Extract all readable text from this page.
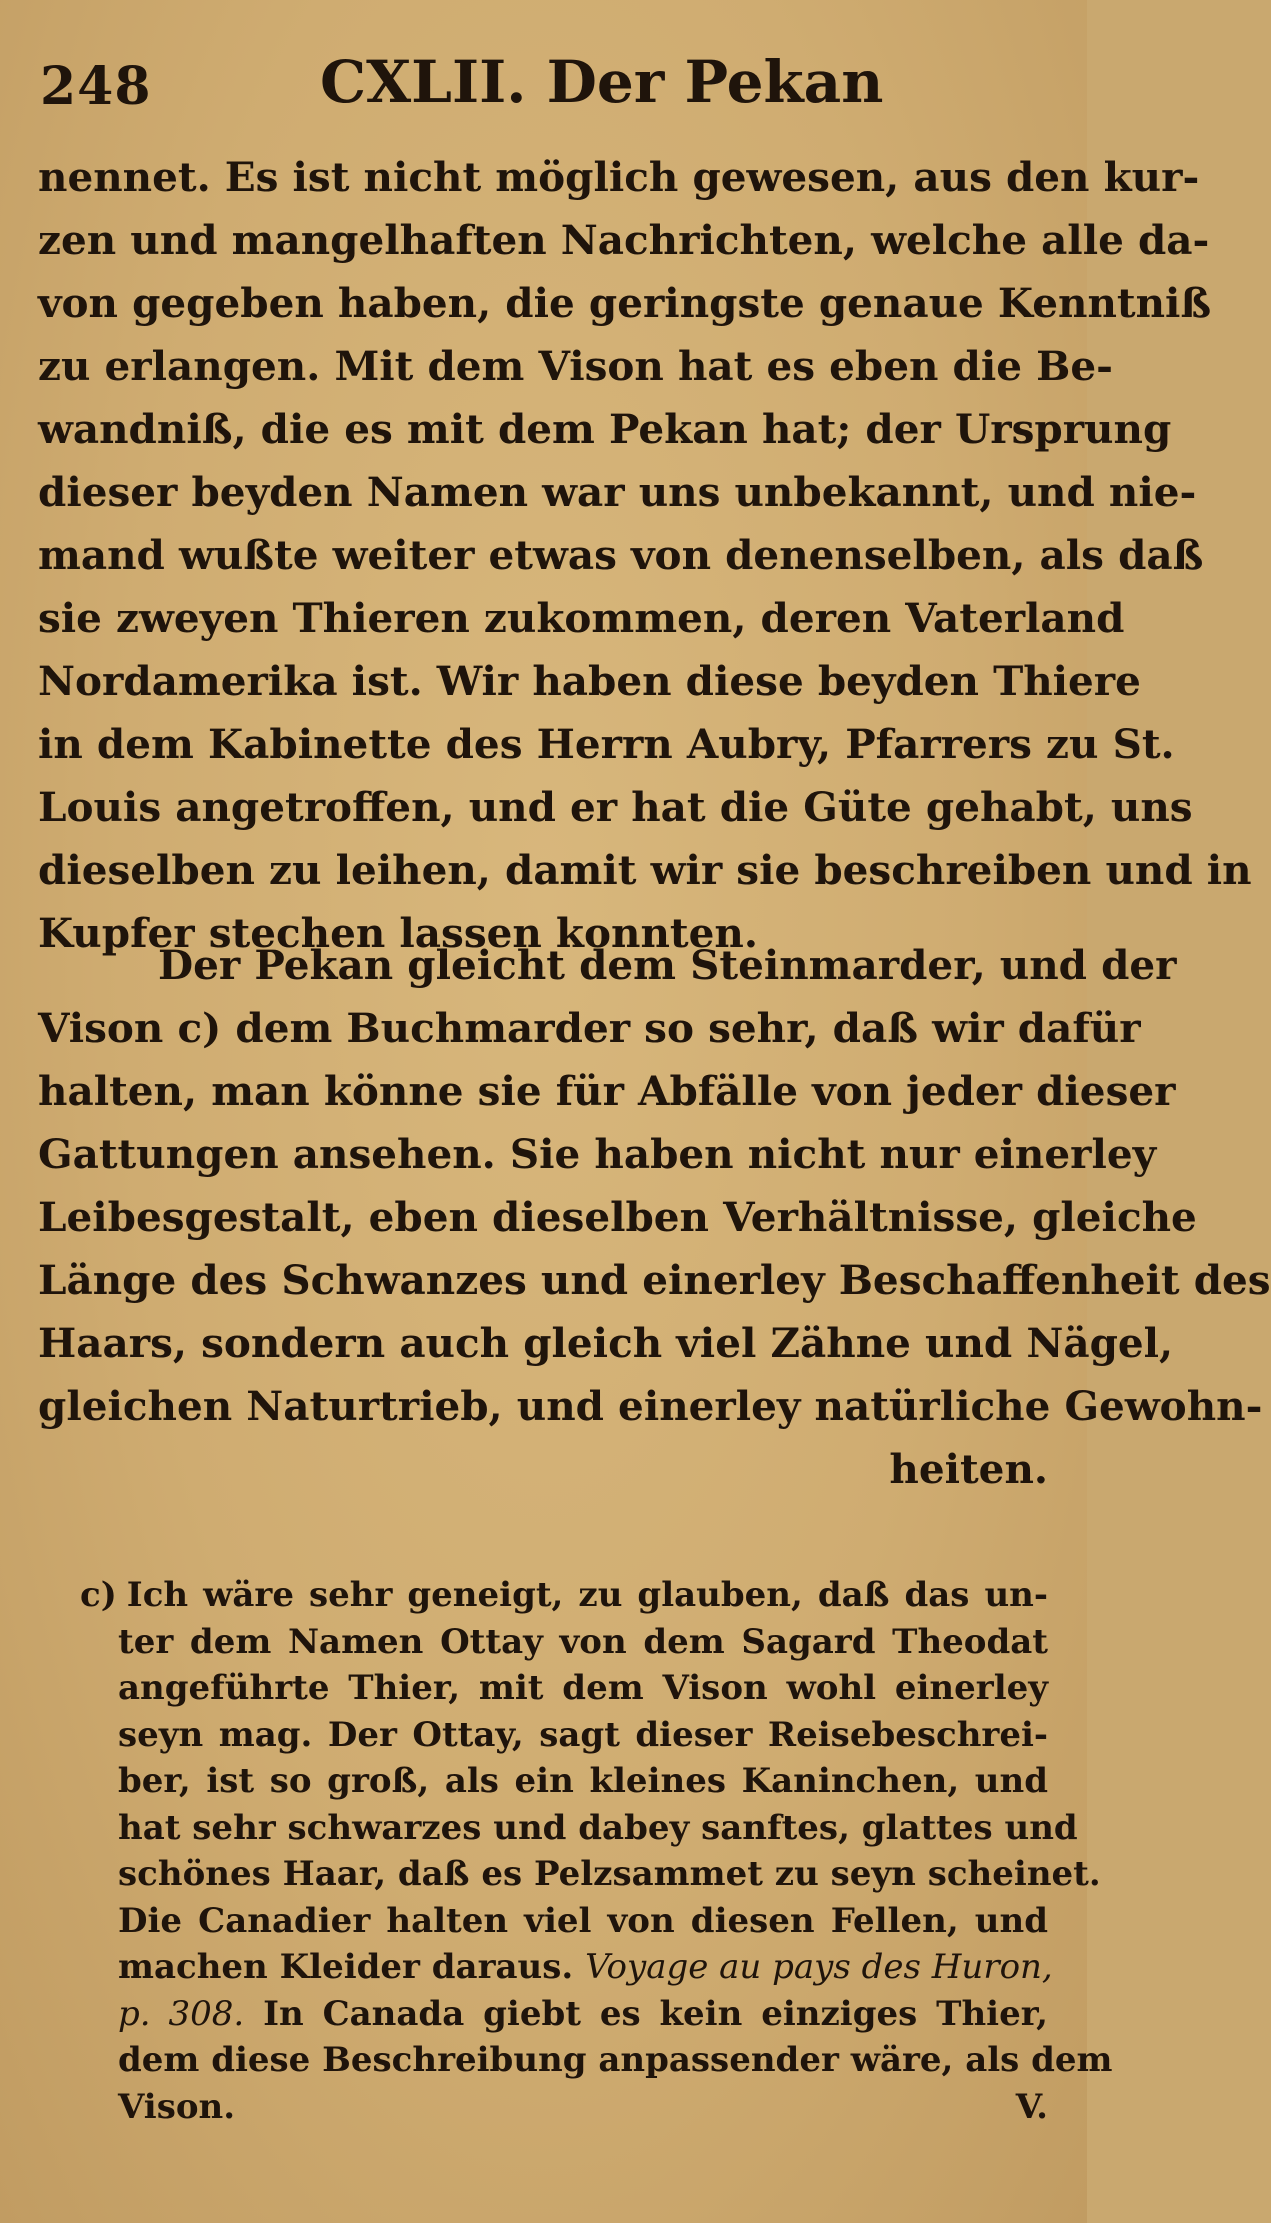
248	CXLII. Der Pekan
nennet. Es ist nicht möglich gewesen, aus den kur-
zen und mangelhaften Nachrichten, welche alle da-
von gegeben haben, die geringste genaue Kenntniß
zu erlangen. Mit dem Vison hat es eben die Be-
wandniß, die es mit dem Pekan hat; der Ursprung
dieser beyden Namen war uns unbekannt, und nie-
mand wußte weiter etwas von denenselben, als daß
sie zweyen Thieren zukommen, deren Vaterland
Nordamerika ist. Wir haben diese beyden Thiere
in dem Kabinette des Herrn Aubry, Pfarrers zu St.
Louis angetroffen, und er hat die Güte gehabt, uns
dieselben zu leihen, damit wir sie beschreiben und in
Kupfer stechen lassen konnten.
Der Pekan gleicht dem Steinmarder, und der
Vison c) dem Buchmarder so sehr, daß wir dafür
halten, man könne sie für Abfälle von jeder dieser
Gattungen ansehen. Sie haben nicht nur einerley
Leibesgestalt, eben dieselben Verhältnisse, gleiche
Länge des Schwanzes und einerley Beschaffenheit des
Haars, sondern auch gleich viel Zähne und Nägel,
gleichen Naturtrieb, und einerley natürliche Gewohn-
heiten.
c) Ich wäre sehr geneigt, zu glauben, daß das un-
ter dem Namen Ottay von dem Sagard Theodat
angeführte Thier, mit dem Vison wohl einerley
seyn mag. Der Ottay, sagt dieser Reisebeschrei-
ber, ist so groß, als ein kleines Kaninchen, und
hat sehr schwarzes und dabey sanftes, glattes und
schönes Haar, daß es Pelzsammet zu seyn scheinet.
Die Canadier halten viel von diesen Fellen, und
machen Kleider daraus. Voyage au pays des Huron,
p. 308. In Canada giebt es kein einziges Thier,
dem diese Beschreibung anpassender wäre, als dem
Vison.	V.
